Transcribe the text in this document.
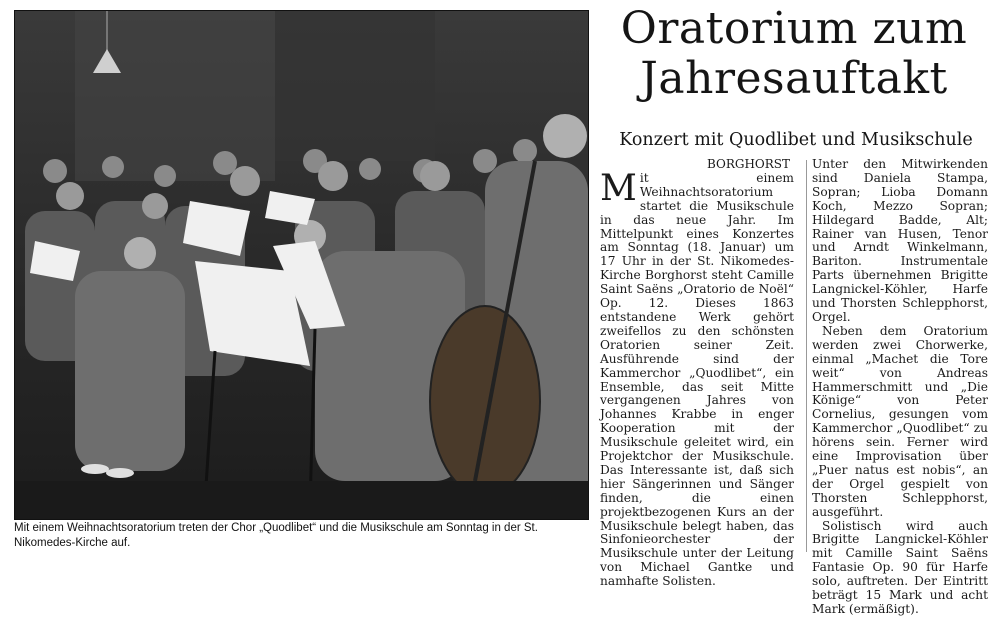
Mit einem Weihnachtsoratorium treten der Chor „Quodlibet“ und die Musikschule am Sonntag in der St. Nikomedes-Kirche auf.

Oratorium zum
Jahresauftakt
Konzert mit Quodlibet und Musikschule
BORGHORST

Mit einem Weihnachtsoratorium startet die Musikschule in das neue Jahr. Im Mittelpunkt eines Konzertes am Sonntag (18. Januar) um 17 Uhr in der St. Nikomedes-Kirche Borghorst steht Camille Saint Saëns „Oratorio de Noël“ Op. 12. Dieses 1863 entstandene Werk gehört zweifellos zu den schönsten Oratorien seiner Zeit. Ausführende sind der Kammerchor „Quodlibet“, ein Ensemble, das seit Mitte vergangenen Jahres von Johannes Krabbe in enger Kooperation mit der Musikschule geleitet wird, ein Projektchor der Musikschule. Das Interessante ist, daß sich hier Sängerinnen und Sänger finden, die einen projektbezogenen Kurs an der Musikschule belegt haben, das Sinfonieorchester der Musikschule unter der Leitung von Michael Gantke und namhafte Solisten.

Unter den Mitwirkenden sind Daniela Stampa, Sopran; Lioba Domann Koch, Mezzo Sopran; Hildegard Badde, Alt; Rainer van Husen, Tenor und Arndt Winkelmann, Bariton. Instrumentale Parts übernehmen Brigitte Langnickel-Köhler, Harfe und Thorsten Schlepphorst, Orgel.

Neben dem Oratorium werden zwei Chorwerke, einmal „Machet die Tore weit“ von Andreas Hammerschmitt und „Die Könige“ von Peter Cornelius, gesungen vom Kammerchor „Quodlibet“ zu hörens sein. Ferner wird eine Improvisation über „Puer natus est nobis“, an der Orgel gespielt von Thorsten Schlepphorst, ausgeführt.

Solistisch wird auch Brigitte Langnickel-Köhler mit Camille Saint Saëns Fantasie Op. 90 für Harfe solo, auftreten. Der Eintritt beträgt 15 Mark und acht Mark (ermäßigt).
